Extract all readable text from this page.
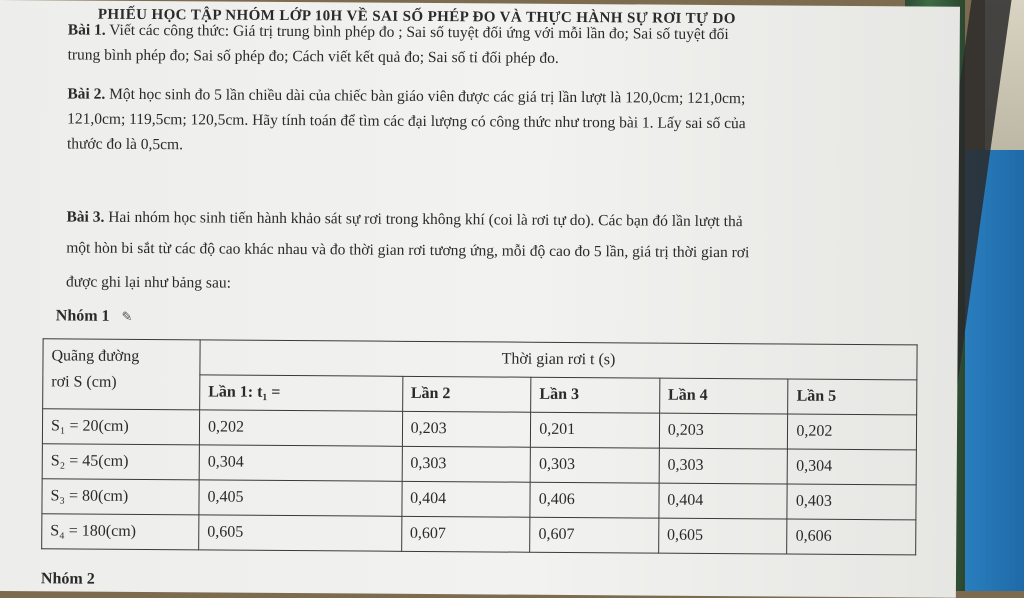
PHIẾU HỌC TẬP NHÓM LỚP 10H VỀ SAI SỐ PHÉP ĐO VÀ THỰC HÀNH SỰ RƠI TỰ DO
Bài 1. Viết các công thức: Giá trị trung bình phép đo ; Sai số tuyệt đối ứng với mỗi lần đo; Sai số tuyệt đối
trung bình phép đo; Sai số phép đo; Cách viết kết quả đo; Sai số tỉ đối phép đo.
Bài 2. Một học sinh đo 5 lần chiều dài của chiếc bàn giáo viên được các giá trị lần lượt là 120,0cm; 121,0cm;
121,0cm; 119,5cm; 120,5cm. Hãy tính toán để tìm các đại lượng có công thức như trong bài 1. Lấy sai số của
thước đo là 0,5cm.
Bài 3. Hai nhóm học sinh tiến hành khảo sát sự rơi trong không khí (coi là rơi tự do). Các bạn đó lần lượt thả
một hòn bi sắt từ các độ cao khác nhau và đo thời gian rơi tương ứng, mỗi độ cao đo 5 lần, giá trị thời gian rơi
được ghi lại như bảng sau:
Nhóm 1 ✎
Quãng đường
rơi S (cm)	Thời gian rơi t (s)				
	Lần 1: t₁ =	Lần 2	Lần 3	Lần 4	Lần 5
S₁ = 20(cm)	0,202	0,203	0,201	0,203	0,202
S₂ = 45(cm)	0,304	0,303	0,303	0,303	0,304
S₃ = 80(cm)	0,405	0,404	0,406	0,404	0,403
S₄ = 180(cm)	0,605	0,607	0,607	0,605	0,606
Nhóm 2
